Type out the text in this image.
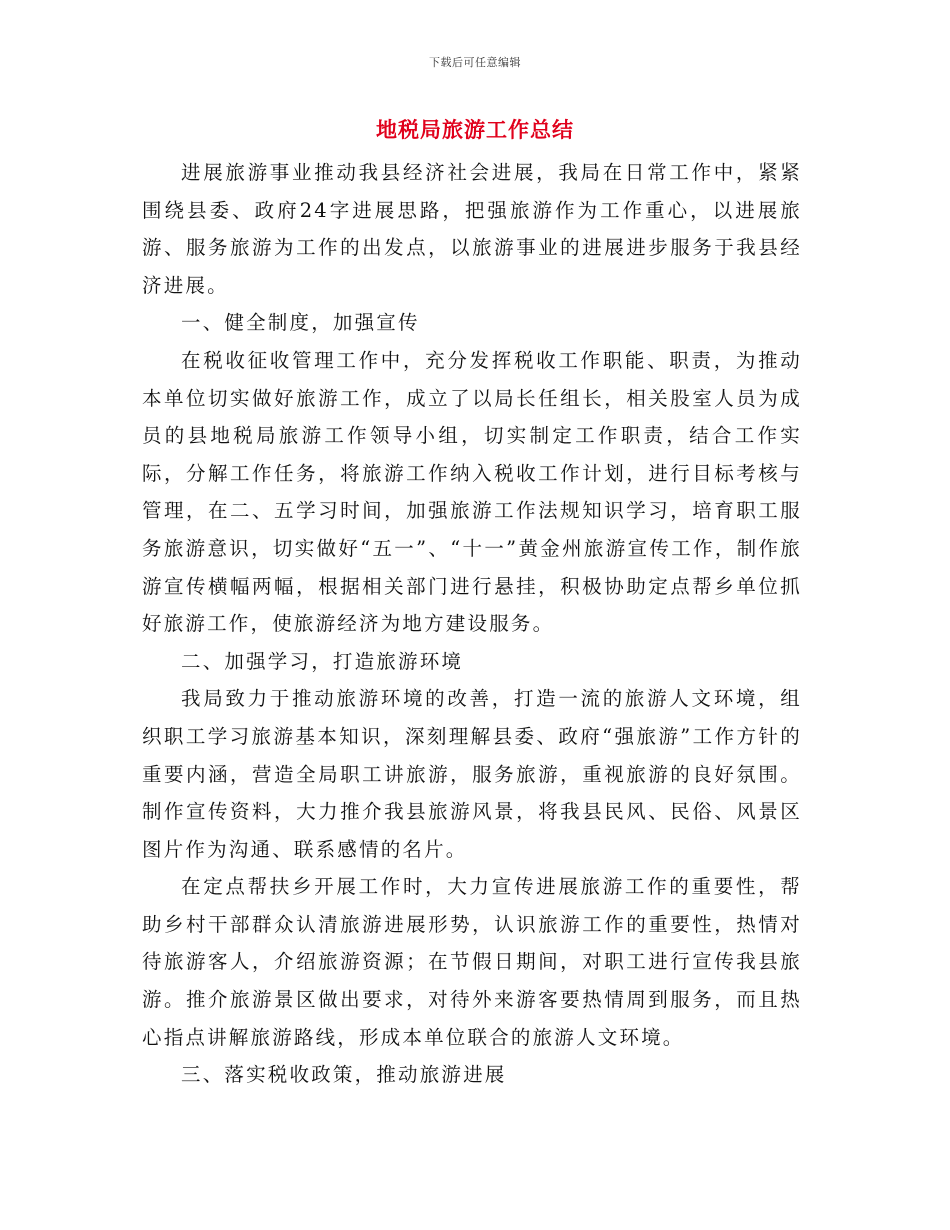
下载后可任意编辑
地税局旅游工作总结

进展旅游事业推动我县经济社会进展，我局在日常工作中，紧紧围绕县委、政府24字进展思路，把强旅游作为工作重心，以进展旅游、服务旅游为工作的出发点，以旅游事业的进展进步服务于我县经济进展。

一、健全制度，加强宣传

在税收征收管理工作中，充分发挥税收工作职能、职责，为推动本单位切实做好旅游工作，成立了以局长任组长，相关股室人员为成员的县地税局旅游工作领导小组，切实制定工作职责，结合工作实际，分解工作任务，将旅游工作纳入税收工作计划，进行目标考核与管理，在二、五学习时间，加强旅游工作法规知识学习，培育职工服务旅游意识，切实做好“五一”、“十一”黄金州旅游宣传工作，制作旅游宣传横幅两幅，根据相关部门进行悬挂，积极协助定点帮乡单位抓好旅游工作，使旅游经济为地方建设服务。

二、加强学习，打造旅游环境

我局致力于推动旅游环境的改善，打造一流的旅游人文环境，组织职工学习旅游基本知识，深刻理解县委、政府“强旅游”工作方针的重要内涵，营造全局职工讲旅游，服务旅游，重视旅游的良好氛围。制作宣传资料，大力推介我县旅游风景，将我县民风、民俗、风景区图片作为沟通、联系感情的名片。

在定点帮扶乡开展工作时，大力宣传进展旅游工作的重要性，帮助乡村干部群众认清旅游进展形势，认识旅游工作的重要性，热情对待旅游客人，介绍旅游资源；在节假日期间，对职工进行宣传我县旅游。推介旅游景区做出要求，对待外来游客要热情周到服务，而且热心指点讲解旅游路线，形成本单位联合的旅游人文环境。

三、落实税收政策，推动旅游进展
